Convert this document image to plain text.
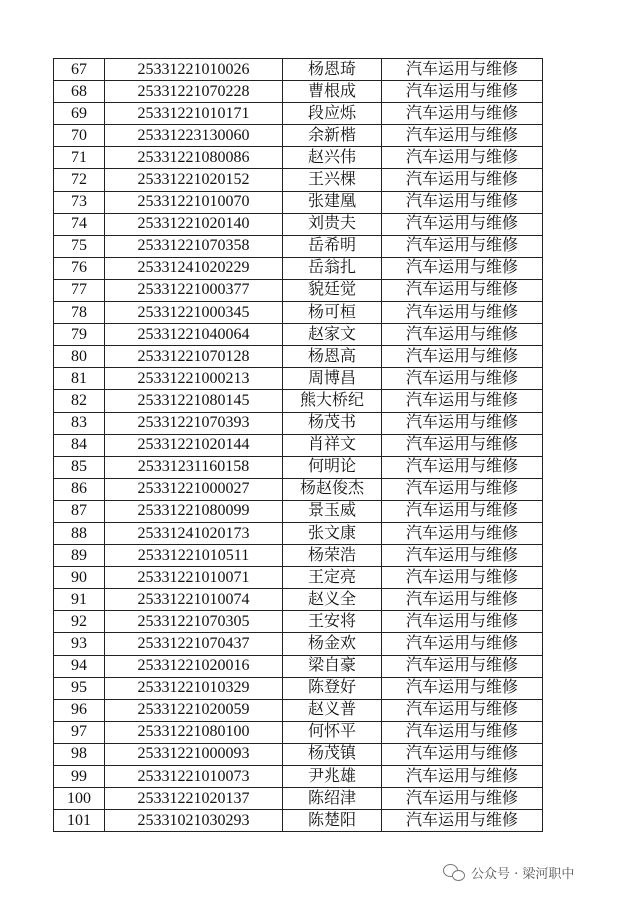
67	25331221010026	杨恩琦	汽车运用与维修
68	25331221070228	曹根成	汽车运用与维修
69	25331221010171	段应烁	汽车运用与维修
70	25331223130060	余新楷	汽车运用与维修
71	25331221080086	赵兴伟	汽车运用与维修
72	25331221020152	王兴棵	汽车运用与维修
73	25331221010070	张建凰	汽车运用与维修
74	25331221020140	刘贵夫	汽车运用与维修
75	25331221070358	岳希明	汽车运用与维修
76	25331241020229	岳翁扎	汽车运用与维修
77	25331221000377	貌廷觉	汽车运用与维修
78	25331221000345	杨可桓	汽车运用与维修
79	25331221040064	赵家文	汽车运用与维修
80	25331221070128	杨恩高	汽车运用与维修
81	25331221000213	周博昌	汽车运用与维修
82	25331221080145	熊大桥纪	汽车运用与维修
83	25331221070393	杨茂书	汽车运用与维修
84	25331221020144	肖祥文	汽车运用与维修
85	25331231160158	何明论	汽车运用与维修
86	25331221000027	杨赵俊杰	汽车运用与维修
87	25331221080099	景玉威	汽车运用与维修
88	25331241020173	张文康	汽车运用与维修
89	25331221010511	杨荣浩	汽车运用与维修
90	25331221010071	王定亮	汽车运用与维修
91	25331221010074	赵义全	汽车运用与维修
92	25331221070305	王安将	汽车运用与维修
93	25331221070437	杨金欢	汽车运用与维修
94	25331221020016	梁自豪	汽车运用与维修
95	25331221010329	陈登好	汽车运用与维修
96	25331221020059	赵义普	汽车运用与维修
97	25331221080100	何怀平	汽车运用与维修
98	25331221000093	杨茂镇	汽车运用与维修
99	25331221010073	尹兆雄	汽车运用与维修
100	25331221020137	陈绍津	汽车运用与维修
101	25331021030293	陈楚阳	汽车运用与维修
公众号 · 梁河职中
